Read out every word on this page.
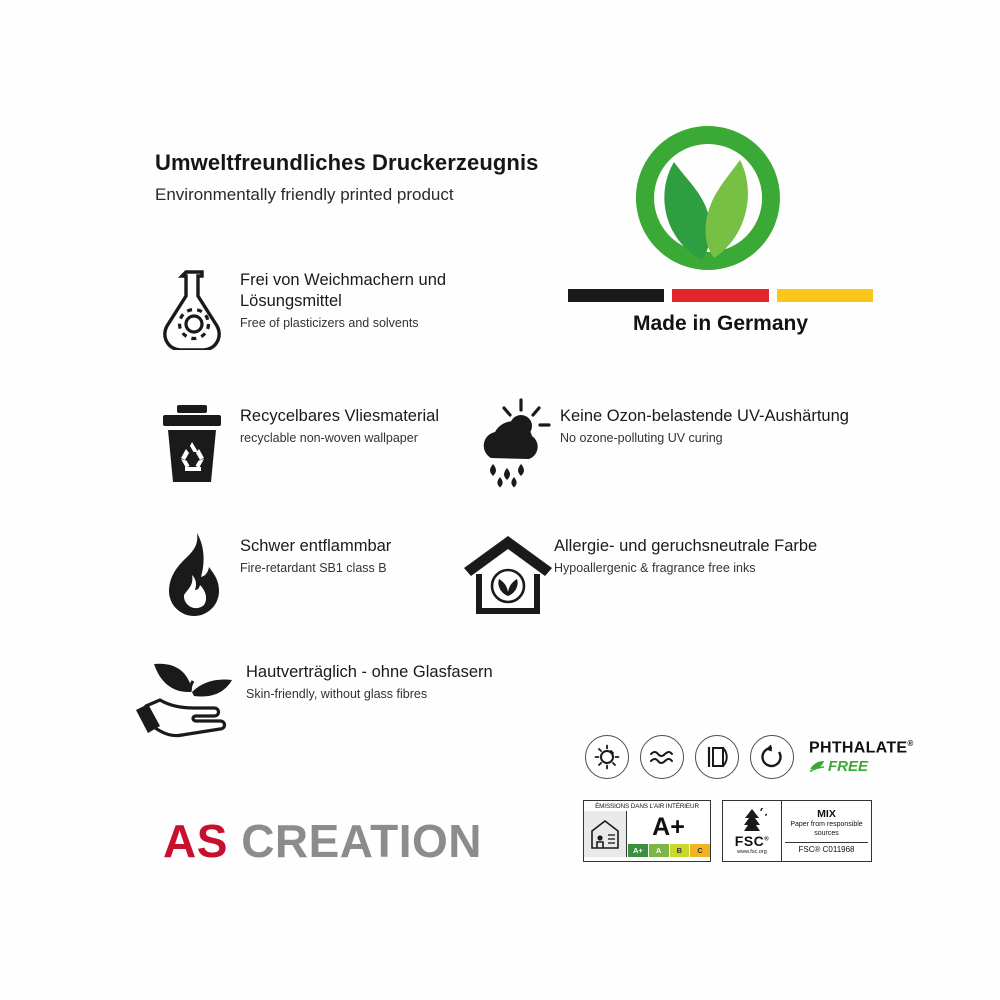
Umweltfreundliches Druckerzeugnis
Environmentally friendly printed product
Made in Germany
Frei von Weichmachern und Lösungsmittel
Free of plasticizers and solvents
Recycelbares Vliesmaterial
recyclable non-woven wallpaper
Keine Ozon-belastende UV-Aushärtung
No ozone-polluting UV curing
Schwer entflammbar
Fire-retardant SB1 class B
Allergie- und geruchsneutrale Farbe
Hypoallergenic & fragrance free inks
Hautverträglich - ohne Glasfasern
Skin-friendly, without glass fibres
AS CREATION
PHTHALATE®
FREE
ÉMISSIONS DANS L'AIR INTÉRIEUR
A+
A+	A	B	C
FSC®
www.fsc.org
MIX
Paper from responsible sources
FSC® C011968
